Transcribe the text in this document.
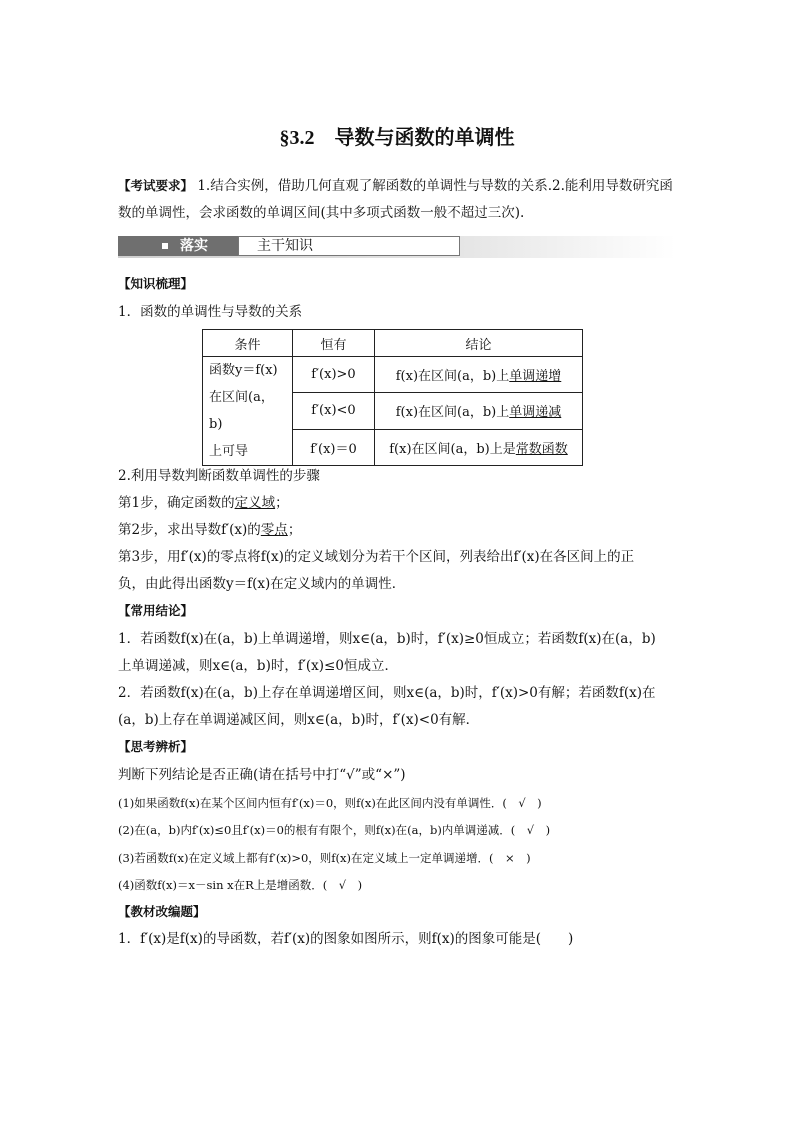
§3.2 导数与函数的单调性
【考试要求】 1.结合实例，借助几何直观了解函数的单调性与导数的关系.2.能利用导数研究函数的单调性，会求函数的单调区间(其中多项式函数一般不超过三次).
落实	主干知识
【知识梳理】
1．函数的单调性与导数的关系
条件	恒有	结论

函数y＝f(x)
在区间(a，b)
上可导	f′(x)>0	f(x)在区间(a，b)上单调递增
	f′(x)<0	f(x)在区间(a，b)上单调递减
	f′(x)＝0	f(x)在区间(a，b)上是常数函数
2.利用导数判断函数单调性的步骤
第1步，确定函数的定义域；
第2步，求出导数f′(x)的零点；
第3步，用f′(x)的零点将f(x)的定义域划分为若干个区间，列表给出f′(x)在各区间上的正
负，由此得出函数y＝f(x)在定义域内的单调性．
【常用结论】
1．若函数f(x)在(a，b)上单调递增，则x∈(a，b)时，f′(x)≥0恒成立；若函数f(x)在(a，b)
上单调递减，则x∈(a，b)时，f′(x)≤0恒成立．
2．若函数f(x)在(a，b)上存在单调递增区间，则x∈(a，b)时，f′(x)>0有解；若函数f(x)在
(a，b)上存在单调递减区间，则x∈(a，b)时，f′(x)<0有解．
【思考辨析】
判断下列结论是否正确(请在括号中打“√”或“×”)
(1)如果函数f(x)在某个区间内恒有f′(x)＝0，则f(x)在此区间内没有单调性．(　√　)
(2)在(a，b)内f′(x)≤0且f′(x)＝0的根有有限个，则f(x)在(a，b)内单调递减．(　√　)
(3)若函数f(x)在定义域上都有f′(x)>0，则f(x)在定义域上一定单调递增．(　×　)
(4)函数f(x)＝x－sin x在R上是增函数．(　√　)
【教材改编题】
1．f′(x)是f(x)的导函数，若f′(x)的图象如图所示，则f(x)的图象可能是(　　)
